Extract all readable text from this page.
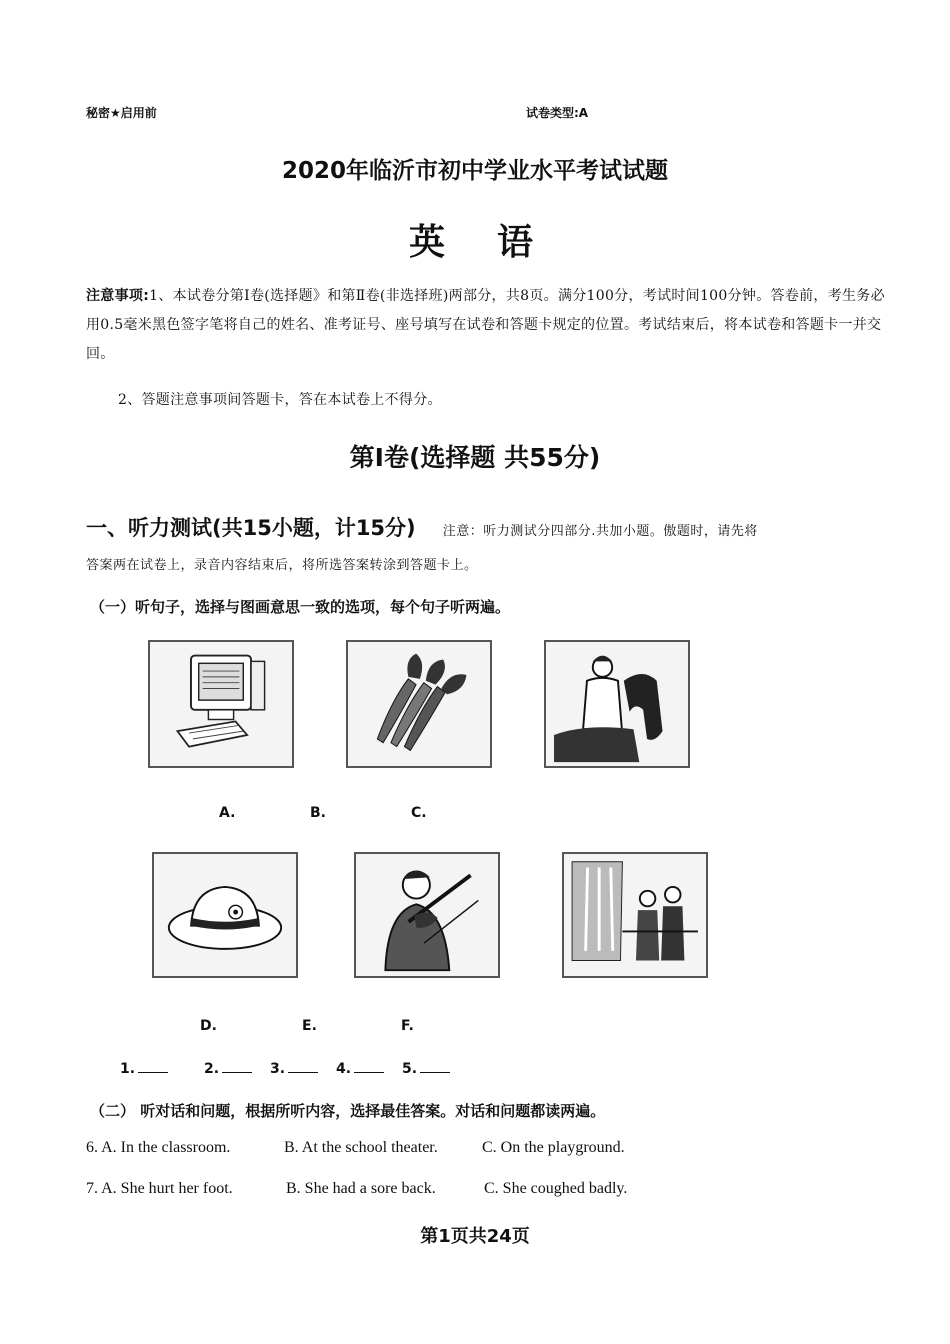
秘密★启用前	试卷类型:A
2020年临沂市初中学业水平考试试题
英　语
注意事项:1、本试卷分第Ⅰ卷(选择题》和第Ⅱ卷(非选择班)两部分，共8页。满分100分，考试时间100分钟。答卷前，考生务必用0.5毫米黑色签字笔将自己的姓名、准考证号、座号填写在试卷和答题卡规定的位置。考试结束后，将本试卷和答题卡一并交回。
2、答题注意事项间答题卡，答在本试卷上不得分。
第Ⅰ卷(选择题 共55分)
一、听力测试(共15小题，计15分) 注意：听力测试分四部分.共加小题。傲题时，请先将
答案两在试卷上，录音内容结束后，将所选答案转涂到答题卡上。
（一）听句子，选择与图画意思一致的选项，每个句子听两遍。
A.	B.	C.
D.	E.	F.
1.	2.	3.	4.	5.
（二） 听对话和问题，根据所听内容，选择最佳答案。对话和问题都读两遍。
6. A. In the classroom.	B. At the school theater.	C. On the playground.
7. A. She hurt her foot.	B. She had a sore back.	C. She coughed badly.
第1页共24页
